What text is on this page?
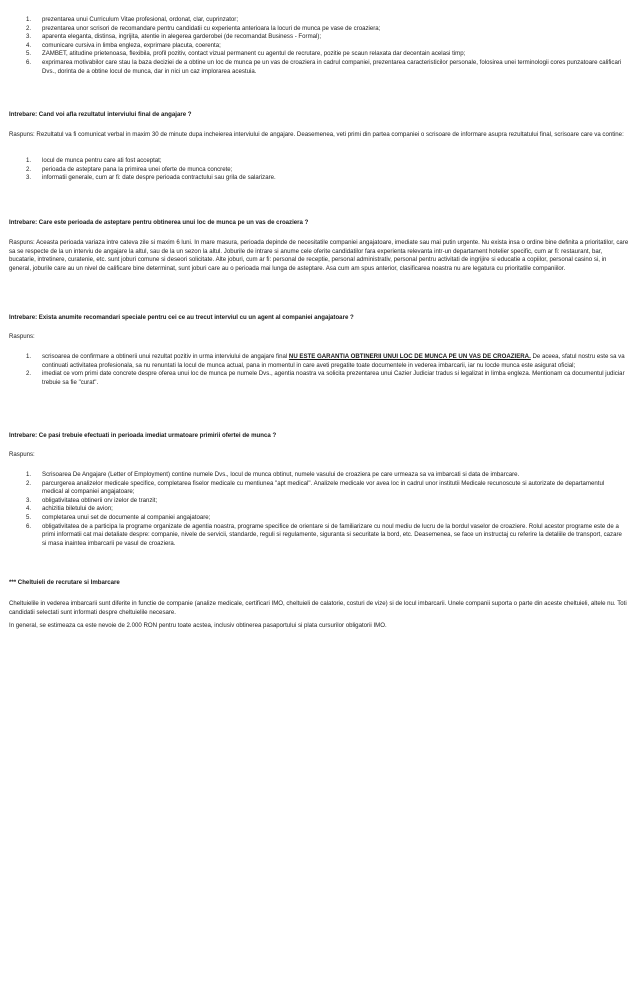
1. prezentarea unui Curriculum Vitae profesional, ordonat, clar, cuprinzator;
2. prezentarea unor scrisori de recomandare pentru candidatii cu experienta anterioara la locuri de munca pe vase de croaziera;
3. aparenta eleganta, distinsa, ingrijita, atentie in alegerea garderobei (de recomandat Business - Formal);
4. comunicare cursiva in limba engleza, exprimare placuta, coerenta;
5. ZAMBET, atitudine prietenoasa, flexibila, profil pozitiv, contact vizual permanent cu agentul de recrutare, pozitie pe scaun relaxata dar decentain acelasi timp;
6. exprimarea motivabilor care stau la baza deciziei de a obtine un loc de munca pe un vas de croaziera in cadrul companiei, prezentarea caracteristicilor personale, folosirea unei terminologii cores punzatoare calificari Dvs., dorinta de a obtine locul de munca, dar in nici un caz implorarea acestuia.

Intrebare: Cand voi afla rezultatul interviului final de angajare ?

Raspuns: Rezultatul va fi comunicat verbal in maxim 30 de minute dupa incheierea interviului de angajare. Deasemenea, veti primi din partea companiei o scrisoare de informare asupra rezultatului final, scrisoare care va contine:

1. locul de munca pentru care ati fost acceptat;
2. perioada de asteptare pana la primirea unei oferte de munca concrete;
3. informatii generale, cum ar fi: date despre perioada contractului sau grila de salarizare.

Intrebare: Care este perioada de asteptare pentru obtinerea unui loc de munca pe un vas de croaziera ?

Raspuns: Aceasta perioada variaza intre cateva zile si maxim 6 luni. In mare masura, perioada depinde de necesitatile companiei angajatoare, imediate sau mai putin urgente. Nu exista insa o ordine bine definita a prioritatilor, care sa se respecte de la un interviu de angajare la altul, sau de la un sezon la altul. Joburile de intrare si anume cele oferite candidatilor fara experienta relevanta intr-un departament hotelier specific, cum ar fi: restaurant, bar, bucatarie, intretinere, curatenie, etc. sunt joburi comune si deseori solicitate. Alte joburi, cum ar fi: personal de receptie, personal administrativ, personal pentru activitati de ingrijire si educatie a copiilor, personal casino si, in general, joburile care au un nivel de calificare bine determinat, sunt joburi care au o perioada mai lunga de asteptare. Asa cum am spus anterior, clasificarea noastra nu are legatura cu prioritatile companiilor.

Intrebare: Exista anumite recomandari speciale pentru cei ce au trecut interviul cu un agent al companiei angajatoare ?

Raspuns:

1. scrisoarea de confirmare a obtinerii unui rezultat pozitiv in urma interviului de angajare final NU ESTE GARANTIA OBTINERII UNUI LOC DE MUNCA PE UN VAS DE CROAZIERA. De aceea, sfatul nostru este sa va continuati activitatea profesionala, sa nu renuntati la locul de munca actual, pana in momentul in care aveti pregatite toate documentele in vederea imbarcarii, iar nu locde munca este asigurat oficial;
2. imediat ce vom primi date concrete despre oferea unui loc de munca pe numele Dvs., agentia noastra va solicita prezentarea unui Cazier Judiciar tradus si legalizat in limba engleza. Mentionam ca documentul judiciar trebuie sa fie "curat".

Intrebare: Ce pasi trebuie efectuati in perioada imediat urmatoare primirii ofertei de munca ?

Raspuns:

1. Scrisoarea De Angajare (Letter of Employment) contine numele Dvs., locul de munca obtinut, numele vasului de croaziera pe care urmeaza sa va imbarcati si data de imbarcare.
2. parcurgerea analizelor medicale specifice, completarea fiselor medicale cu mentiunea "apt medical". Analizele medicale vor avea loc in cadrul unor institutii Medicale recunoscute si autorizate de departamentul medical al companiei angajatoare;
3. obligativitatea obtinerii orv izelor de tranzit;
4. achizitia biletului de avion;
5. completarea unui set de documente al companiei angajatoare;
6. obligativitatea de a participa la programe organizate de agentia noastra, programe specifice de orientare si de familiarizare cu noul mediu de lucru de la bordul vaselor de croaziere. Rolul acestor programe este de a primi informatii cat mai detaliate despre: companie, nivele de servicii, standarde, reguli si regulamente, siguranta si securitate la bord, etc. Deasemenea, se face un instructaj cu referire la detaliile de transport, cazare si masa inaintea imbarcarii pe vasul de croaziera.

*** Cheltuieli de recrutare si Imbarcare

Cheltuielile in vederea imbarcarii sunt diferite in functie de companie (analize medicale, certificari IMO, cheltuieli de calatorie, costuri de vize) si de locul imbarcarii. Unele companii suporta o parte din aceste cheltuieli, altele nu. Toti candidatii selectati sunt informati despre cheltuielile necesare.

In general, se estimeaza ca este nevoie de 2.000 RON pentru toate acstea, inclusiv obtinerea pasaportului si plata cursurilor obligatorii IMO.
